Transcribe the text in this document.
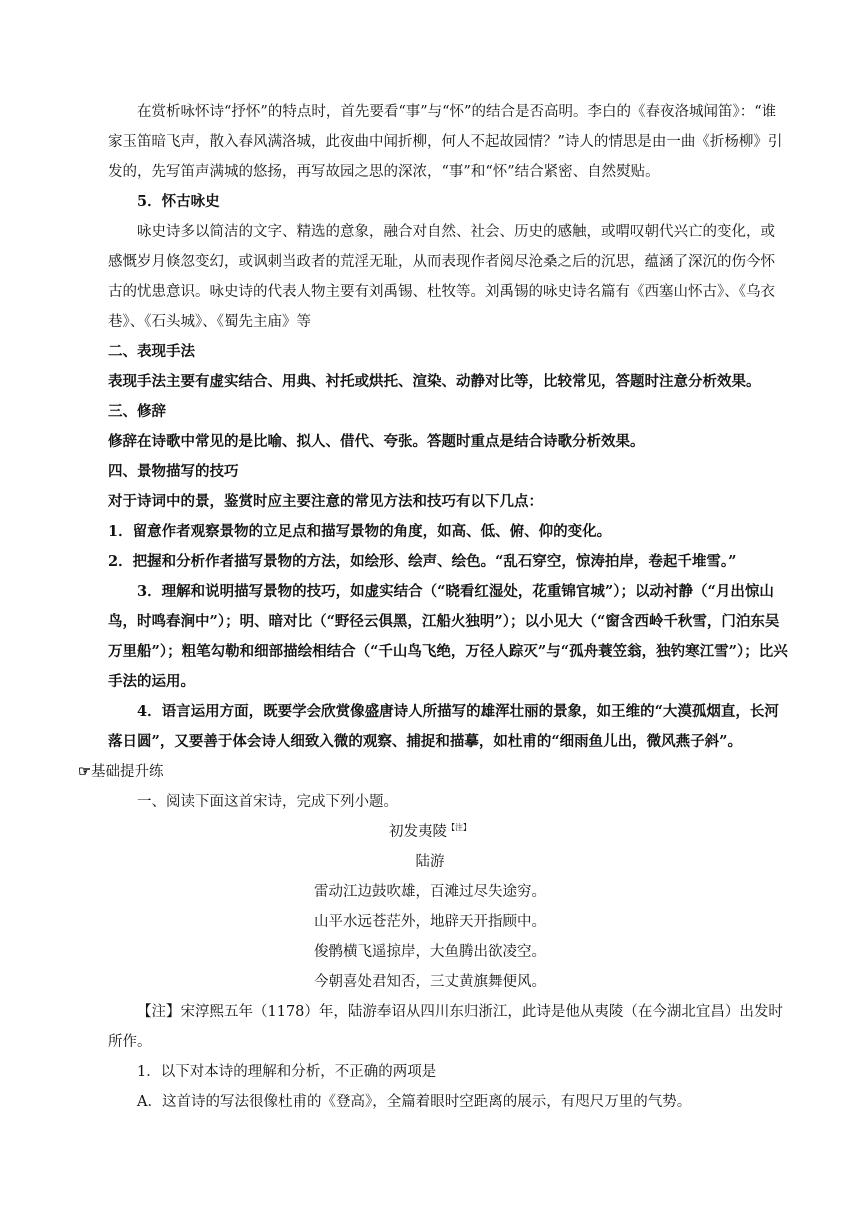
在赏析咏怀诗“抒怀”的特点时，首先要看“事”与“怀”的结合是否高明。李白的《春夜洛城闻笛》：“谁家玉笛暗飞声，散入春风满洛城，此夜曲中闻折柳，何人不起故园情？”诗人的情思是由一曲《折杨柳》引发的，先写笛声满城的悠扬，再写故园之思的深浓，“事”和“怀”结合紧密、自然熨贴。

5．怀古咏史

咏史诗多以简洁的文字、精选的意象，融合对自然、社会、历史的感触，或喟叹朝代兴亡的变化，或感慨岁月倏忽变幻，或讽刺当政者的荒淫无耻，从而表现作者阅尽沧桑之后的沉思，蕴涵了深沉的伤今怀古的忧患意识。咏史诗的代表人物主要有刘禹锡、杜牧等。刘禹锡的咏史诗名篇有《西塞山怀古》、《乌衣巷》、《石头城》、《蜀先主庙》等

二、表现手法

表现手法主要有虚实结合、用典、衬托或烘托、渲染、动静对比等，比较常见，答题时注意分析效果。

三、修辞

修辞在诗歌中常见的是比喻、拟人、借代、夸张。答题时重点是结合诗歌分析效果。

四、景物描写的技巧

对于诗词中的景，鉴赏时应主要注意的常见方法和技巧有以下几点：

1．留意作者观察景物的立足点和描写景物的角度，如高、低、俯、仰的变化。

2．把握和分析作者描写景物的方法，如绘形、绘声、绘色。“乱石穿空，惊涛拍岸，卷起千堆雪。”

3．理解和说明描写景物的技巧，如虚实结合（“晓看红湿处，花重锦官城”）；以动衬静（“月出惊山鸟，时鸣春涧中”）；明、暗对比（“野径云俱黑，江船火独明”）；以小见大（“窗含西岭千秋雪，门泊东吴万里船”）；粗笔勾勒和细部描绘相结合（“千山鸟飞绝，万径人踪灭”与“孤舟蓑笠翁，独钓寒江雪”）；比兴手法的运用。

4．语言运用方面，既要学会欣赏像盛唐诗人所描写的雄浑壮丽的景象，如王维的“大漠孤烟直，长河落日圆”，又要善于体会诗人细致入微的观察、捕捉和描摹，如杜甫的“细雨鱼儿出，微风燕子斜”。

☞基础提升练

一、阅读下面这首宋诗，完成下列小题。

初发夷陵$^{【注】}$

陆游

雷动江边鼓吹雄，百滩过尽失途穷。

山平水远苍茫外，地辟天开指顾中。

俊鹘横飞遥掠岸，大鱼腾出欲凌空。

今朝喜处君知否，三丈黄旗舞便风。

【注】宋淳熙五年（1178）年，陆游奉诏从四川东归浙江，此诗是他从夷陵（在今湖北宜昌）出发时所作。

1．以下对本诗的理解和分析，不正确的两项是

A．这首诗的写法很像杜甫的《登高》，全篇着眼时空距离的展示，有咫尺万里的气势。
